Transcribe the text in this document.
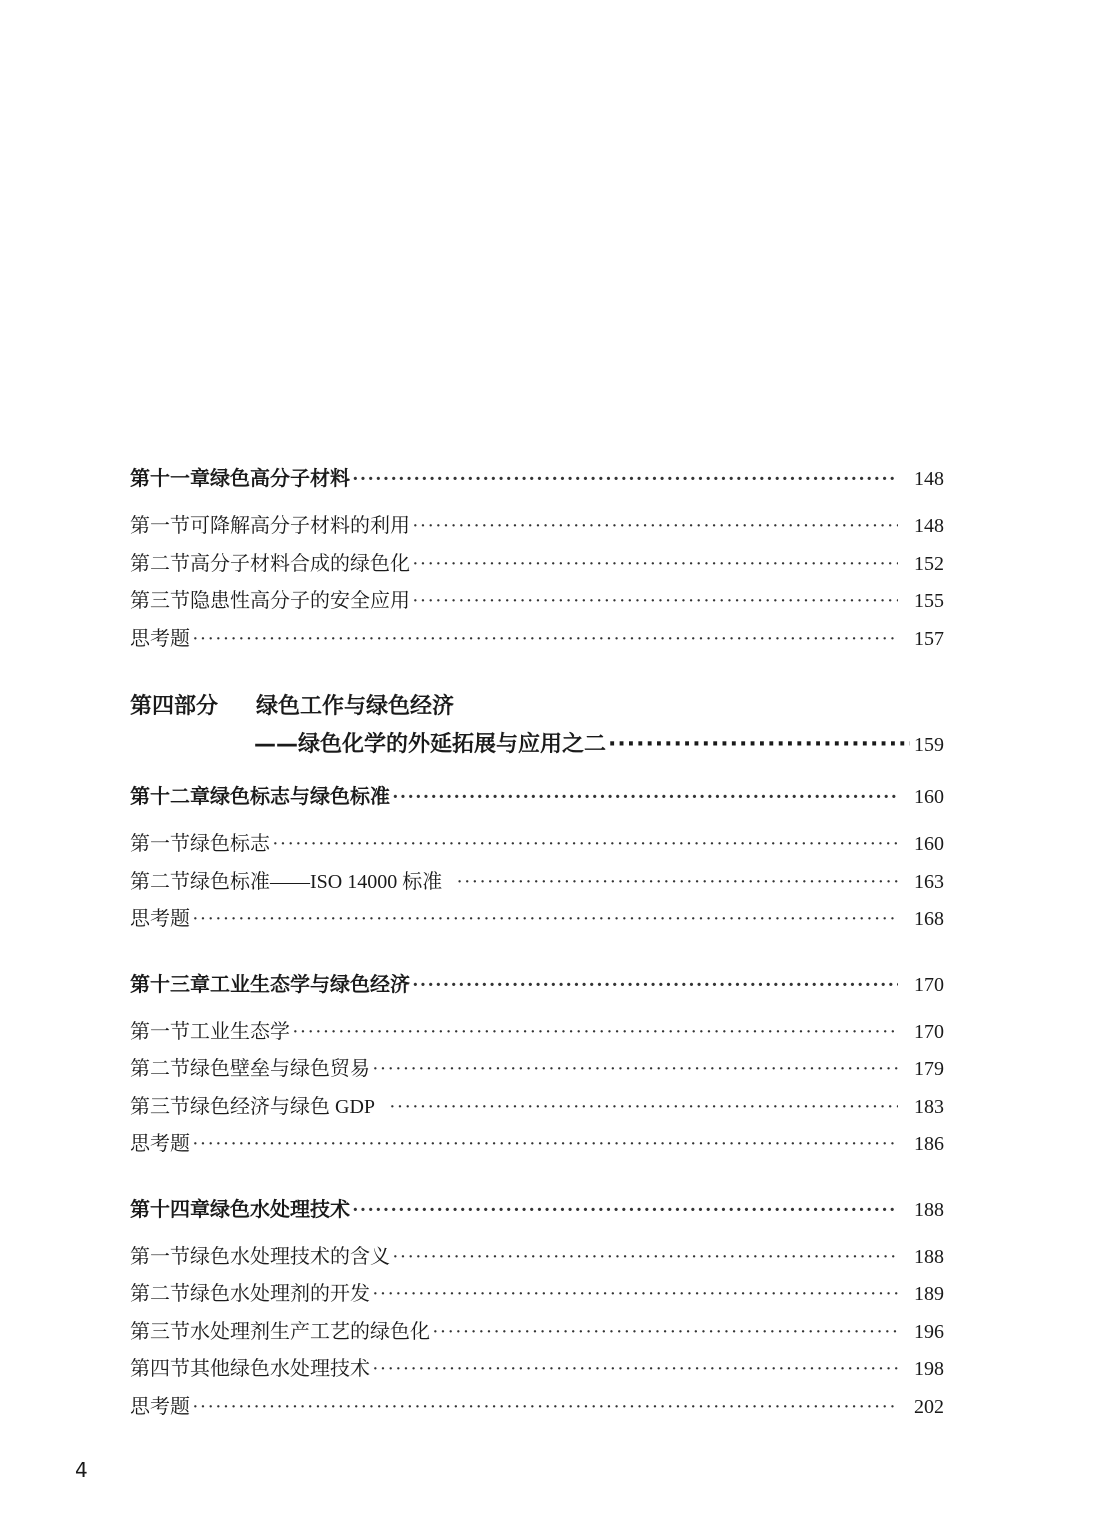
第十一章 绿色高分子材料 ·····	148
第一节 可降解高分子材料的利用 ·····	148
第二节 高分子材料合成的绿色化 ·····	152
第三节 隐患性高分子的安全应用 ·····	155
思考题 ·····	157
第四部分 绿色工作与绿色经济
——绿色化学的外延拓展与应用之二 ·····	159
第十二章 绿色标志与绿色标准 ·····	160
第一节 绿色标志 ·····	160
第二节 绿色标准——ISO 14000 标准 ·····	163
思考题 ·····	168
第十三章 工业生态学与绿色经济 ·····	170
第一节 工业生态学 ·····	170
第二节 绿色壁垒与绿色贸易 ·····	179
第三节 绿色经济与绿色 GDP ·····	183
思考题 ·····	186
第十四章 绿色水处理技术 ·····	188
第一节 绿色水处理技术的含义 ·····	188
第二节 绿色水处理剂的开发 ·····	189
第三节 水处理剂生产工艺的绿色化 ·····	196
第四节 其他绿色水处理技术 ·····	198
思考题 ·····	202
4
